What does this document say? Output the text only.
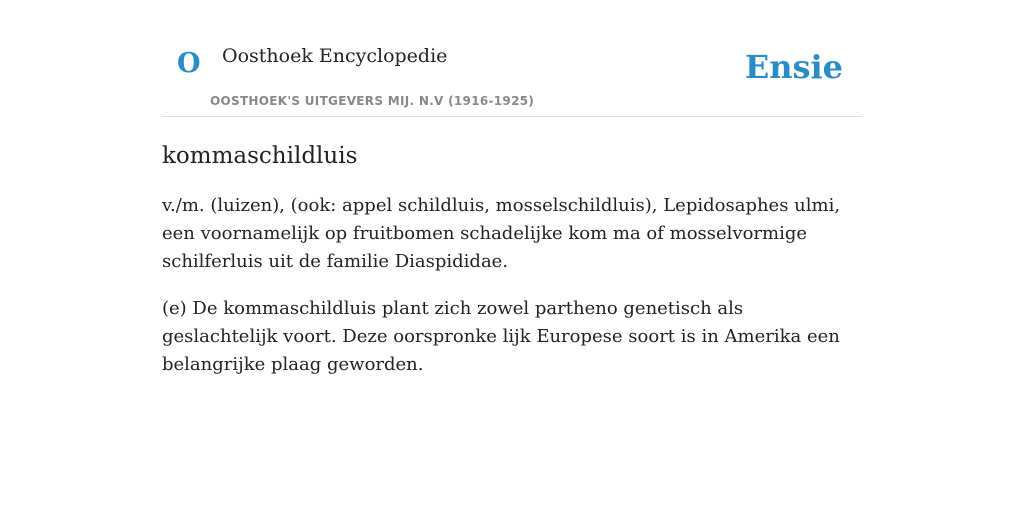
O Oosthoek Encyclopedie
OOSTHOEK'S UITGEVERS MIJ. N.V (1916-1925)
Ensie
kommaschildluis

v./m. (luizen), (ook: appel schildluis, mosselschildluis), Lepidosaphes ulmi, een voornamelijk op fruitbomen schadelijke kom ma of mosselvormige schilferluis uit de familie Diaspididae.

(e) De kommaschildluis plant zich zowel partheno genetisch als geslachtelijk voort. Deze oorspronke lijk Europese soort is in Amerika een belangrijke plaag geworden.
